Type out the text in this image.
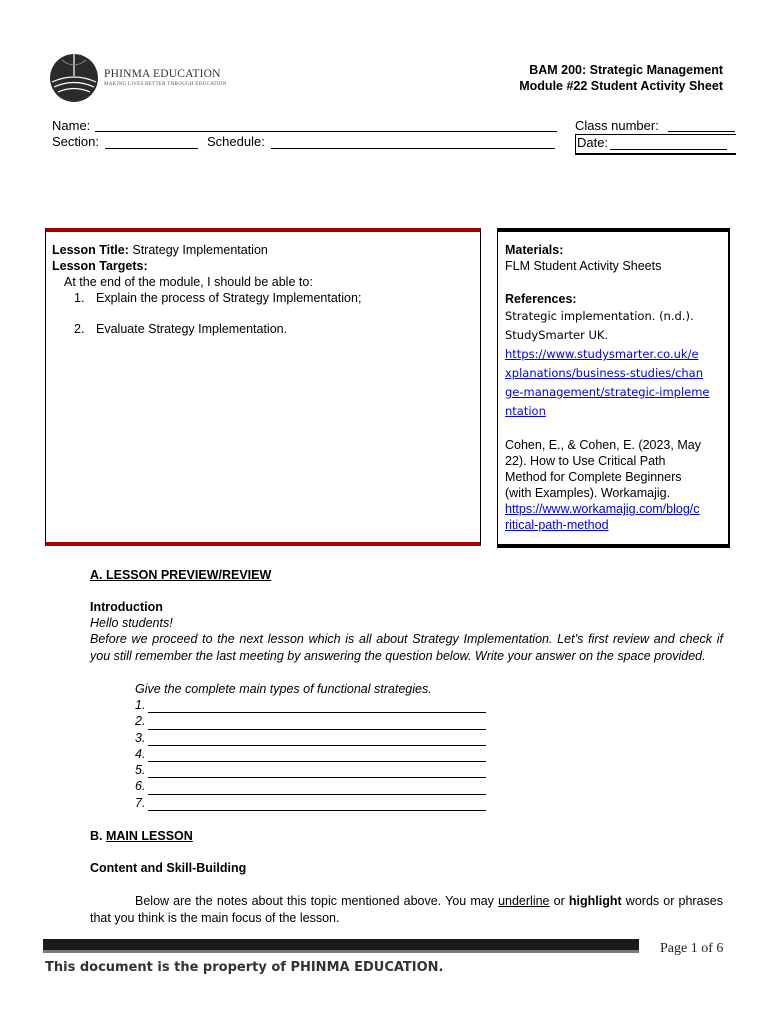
PHINMA EDUCATION
MAKING LIVES BETTER THROUGH EDUCATION
BAM 200: Strategic Management
Module #22 Student Activity Sheet
Name:
Section:	Schedule:
Class number:
Date:
Lesson Title: Strategy Implementation
Lesson Targets:
At the end of the module, I should be able to:
1. Explain the process of Strategy Implementation;
2. Evaluate Strategy Implementation.
Materials:
FLM Student Activity Sheets
References:
Strategic implementation. (n.d.).
StudySmarter UK.
https://www.studysmarter.co.uk/e
xplanations/business-studies/chan
ge-management/strategic-impleme
ntation
Cohen, E., & Cohen, E. (2023, May
22). How to Use Critical Path
Method for Complete Beginners
(with Examples). Workamajig.
https://www.workamajig.com/blog/c
ritical-path-method
A. LESSON PREVIEW/REVIEW
Introduction
Hello students!
Before we proceed to the next lesson which is all about Strategy Implementation. Let’s first review and check if you still remember the last meeting by answering the question below. Write your answer on the space provided.
Give the complete main types of functional strategies.
1.
2.
3.
4.
5.
6.
7.
B. MAIN LESSON
Content and Skill-Building
Below are the notes about this topic mentioned above. You may underline or highlight words or phrases that you think is the main focus of the lesson.
Page 1 of 6
This document is the property of PHINMA EDUCATION.
